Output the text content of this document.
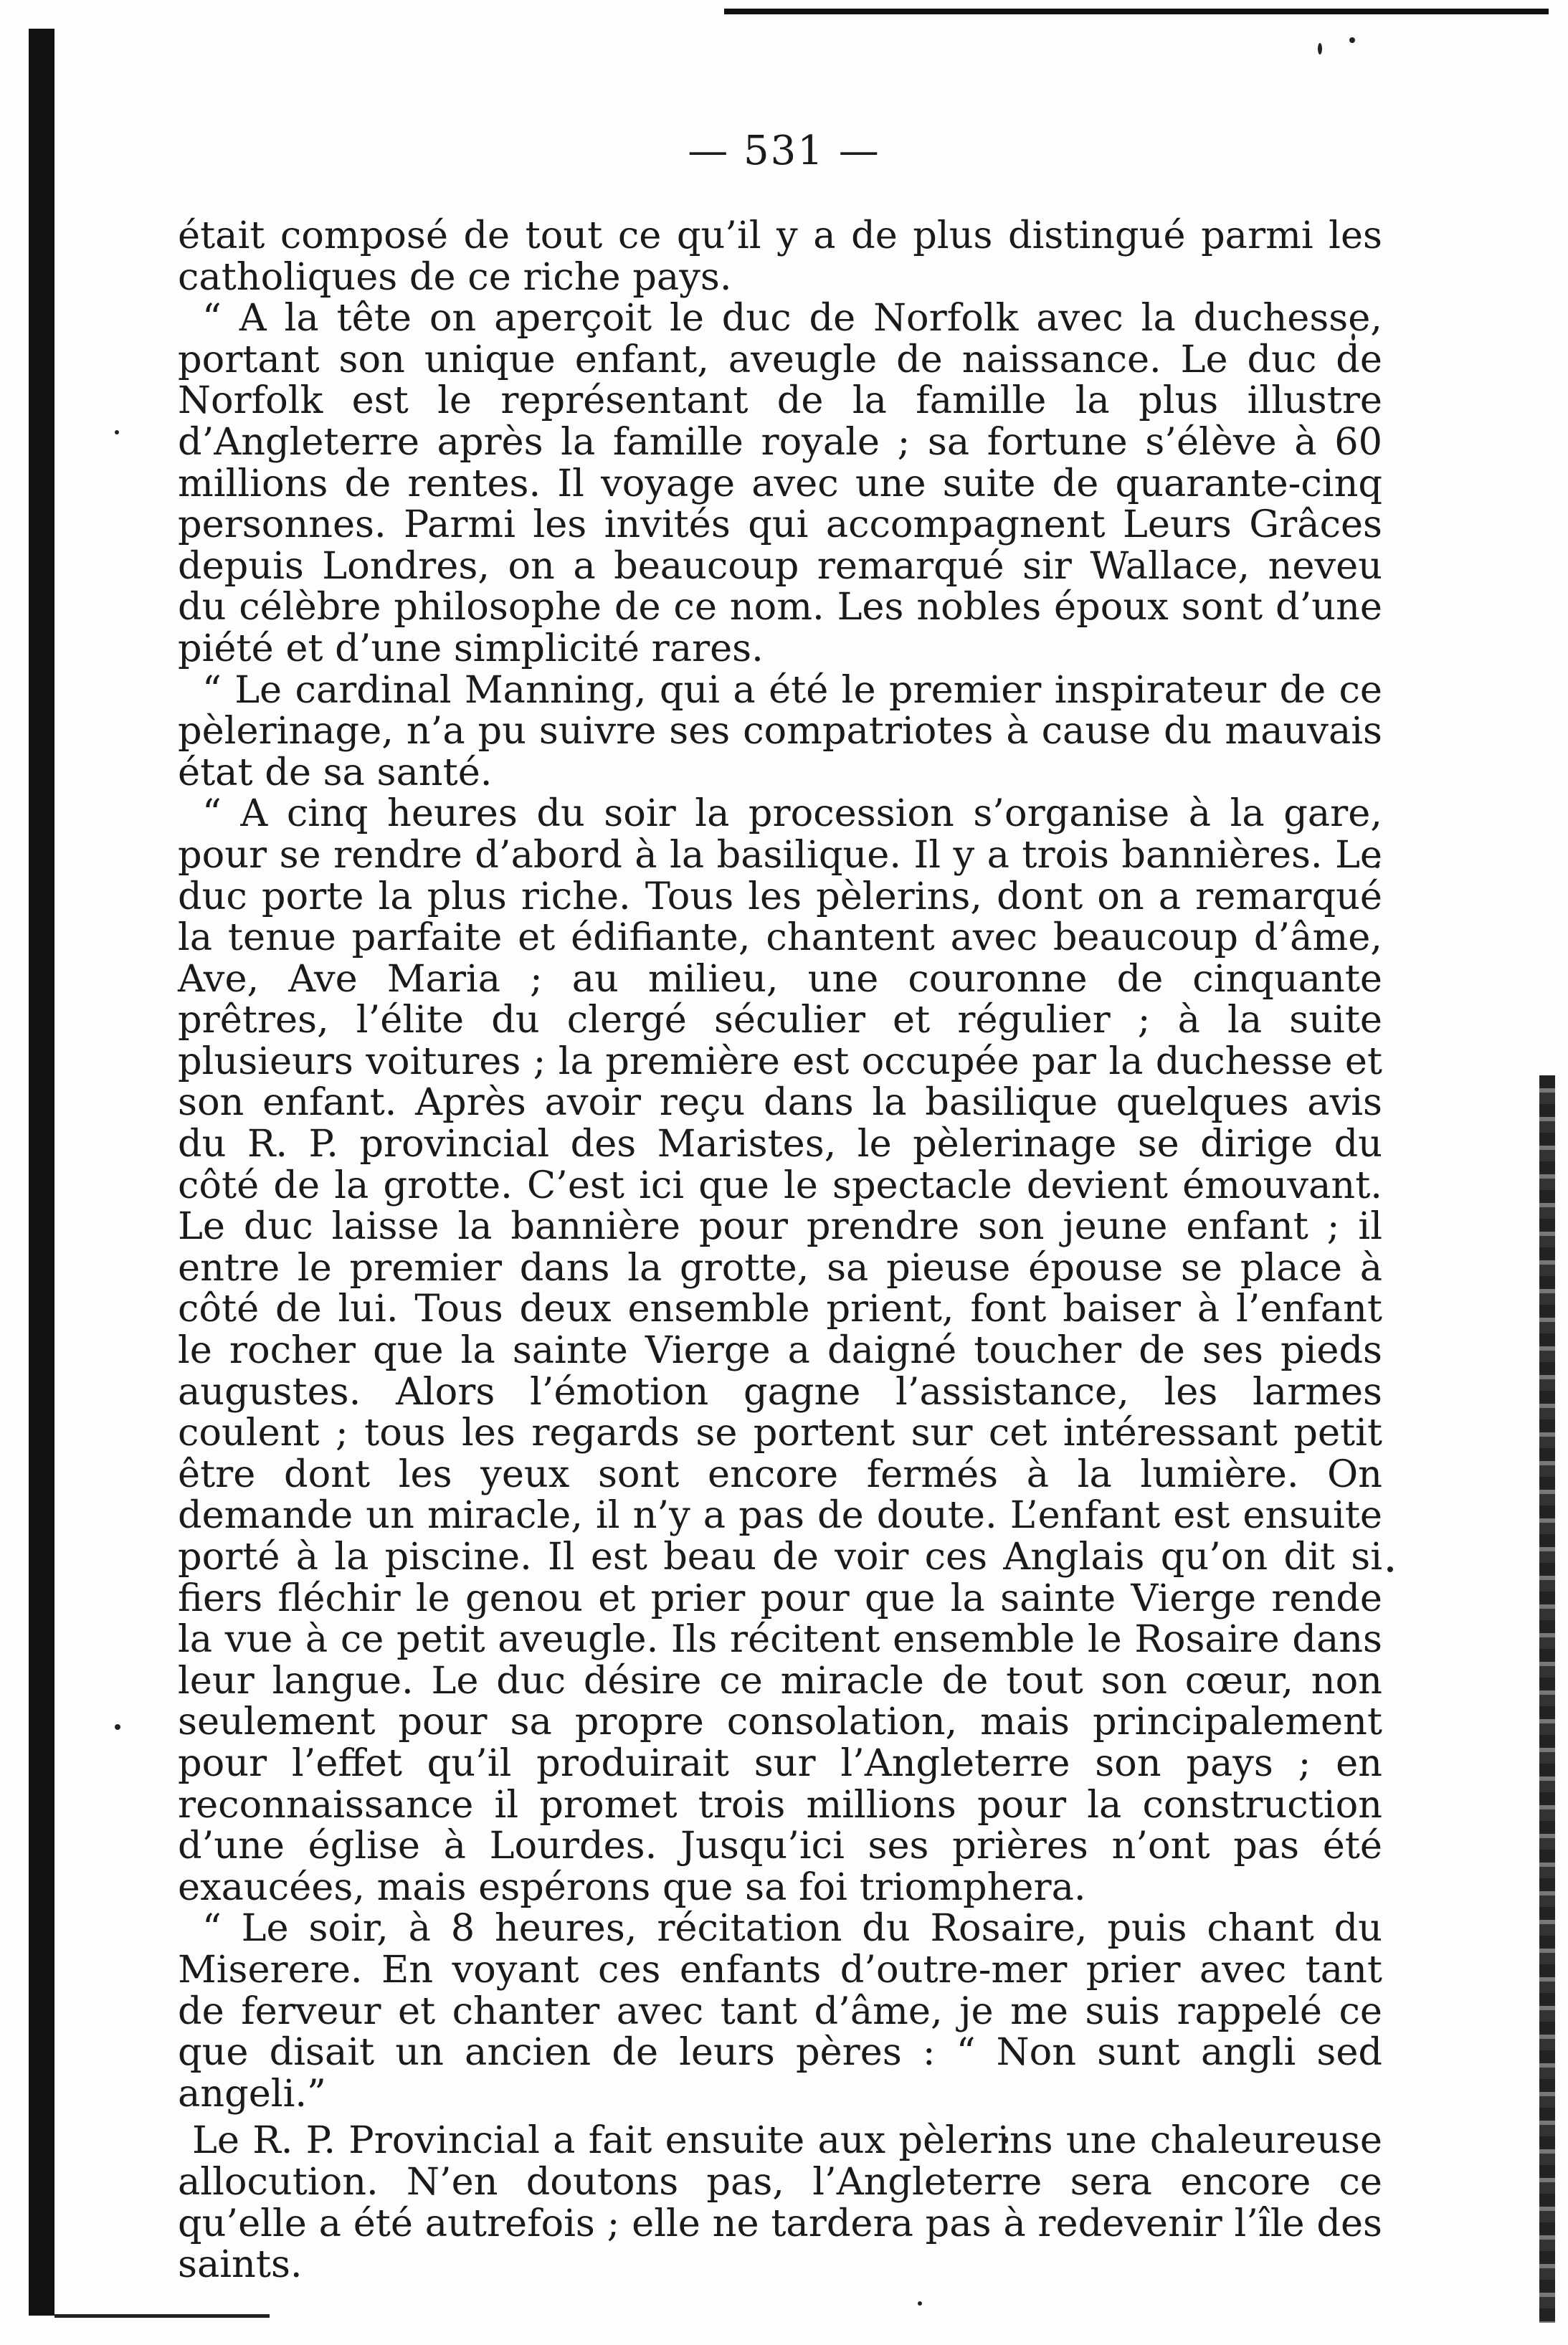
— 531 —

était composé de tout ce qu’il y a de plus distingué parmi les catholiques de ce riche pays.

“ A la tête on aperçoit le duc de Norfolk avec la duchesse, portant son unique enfant, aveugle de naissance. Le duc de Norfolk est le représentant de la famille la plus illustre d’Angleterre après la famille royale ; sa fortune s’élève à 60 millions de rentes. Il voyage avec une suite de quarante-cinq personnes. Parmi les invités qui accompagnent Leurs Grâces depuis Londres, on a beaucoup remarqué sir Wallace, neveu du célèbre philosophe de ce nom. Les nobles époux sont d’une piété et d’une simplicité rares.

“ Le cardinal Manning, qui a été le premier inspirateur de ce pèlerinage, n’a pu suivre ses compatriotes à cause du mauvais état de sa santé.

“ A cinq heures du soir la procession s’organise à la gare, pour se rendre d’abord à la basilique. Il y a trois bannières. Le duc porte la plus riche. Tous les pèlerins, dont on a remarqué la tenue parfaite et édifiante, chantent avec beaucoup d’âme, Ave, Ave Maria ; au milieu, une couronne de cinquante prêtres, l’élite du clergé séculier et régulier ; à la suite plusieurs voitures ; la première est occupée par la duchesse et son enfant. Après avoir reçu dans la basilique quelques avis du R. P. provincial des Maristes, le pèlerinage se dirige du côté de la grotte. C’est ici que le spectacle devient émouvant. Le duc laisse la bannière pour prendre son jeune enfant ; il entre le premier dans la grotte, sa pieuse épouse se place à côté de lui. Tous deux ensemble prient, font baiser à l’enfant le rocher que la sainte Vierge a daigné toucher de ses pieds augustes. Alors l’émotion gagne l’assistance, les larmes coulent ; tous les regards se portent sur cet intéressant petit être dont les yeux sont encore fermés à la lumière. On demande un miracle, il n’y a pas de doute. L’enfant est ensuite porté à la piscine. Il est beau de voir ces Anglais qu’on dit si fiers fléchir le genou et prier pour que la sainte Vierge rende la vue à ce petit aveugle. Ils récitent ensemble le Rosaire dans leur langue. Le duc désire ce miracle de tout son cœur, non seulement pour sa propre consolation, mais principalement pour l’effet qu’il produirait sur l’Angleterre son pays ; en reconnaissance il promet trois millions pour la construction d’une église à Lourdes. Jusqu’ici ses prières n’ont pas été exaucées, mais espérons que sa foi triomphera.

“ Le soir, à 8 heures, récitation du Rosaire, puis chant du Miserere. En voyant ces enfants d’outre-mer prier avec tant de ferveur et chanter avec tant d’âme, je me suis rappelé ce que disait un ancien de leurs pères : “ Non sunt angli sed angeli.”

Le R. P. Provincial a fait ensuite aux pèlerins une chaleureuse allocution. N’en doutons pas, l’Angleterre sera encore ce qu’elle a été autrefois ; elle ne tardera pas à redevenir l’île des saints.
